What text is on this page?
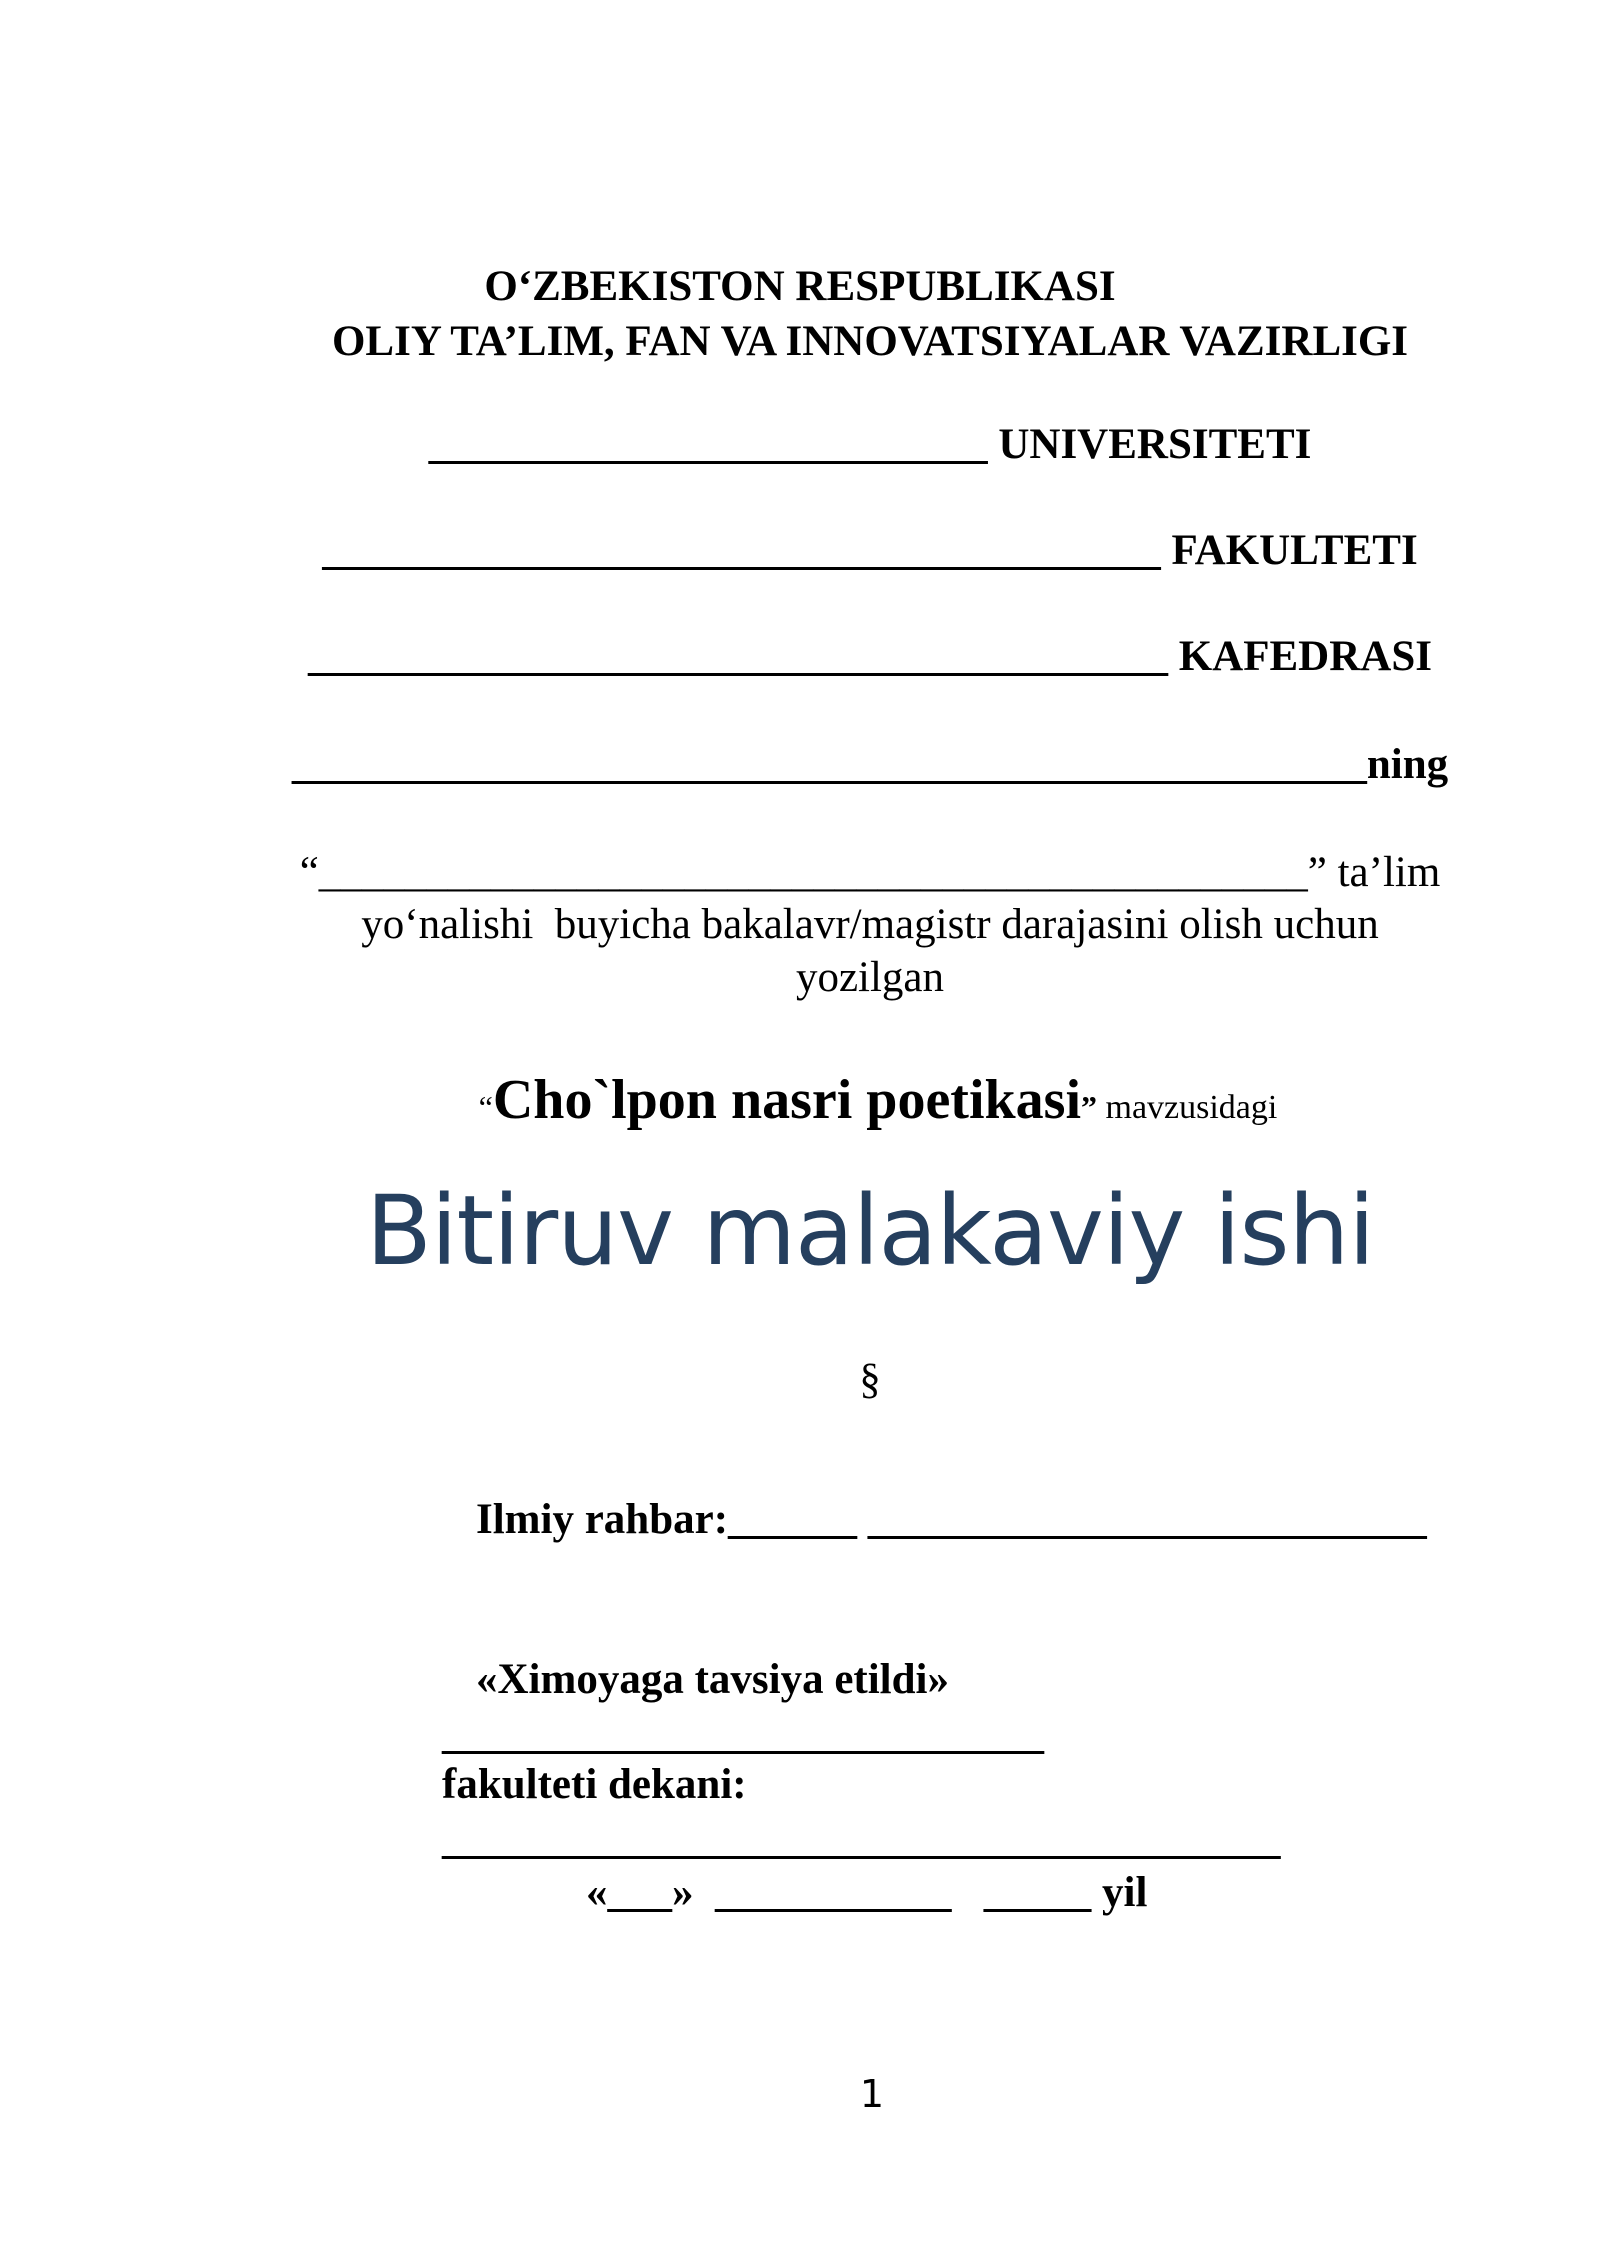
O‘ZBEKISTON RESPUBLIKASI
OLIY TA’LIM, FAN VA INNOVATSIYALAR VAZIRLIGI
__________________________ UNIVERSITETI
_______________________________________ FAKULTETI
________________________________________ KAFEDRASI
__________________________________________________ning
“______________________________________________” ta’lim
yo‘nalishi  buyicha bakalavr/magistr darajasini olish uchun
yozilgan

“Cho`lpon nasri poetikasi” mavzusidagi

Bitiruv malakaviy ishi
§
Ilmiy rahbar:______ __________________________
«Ximoyaga tavsiya etildi»
____________________________
fakulteti dekani:
_______________________________________
«___»  ___________   _____ yil
1
